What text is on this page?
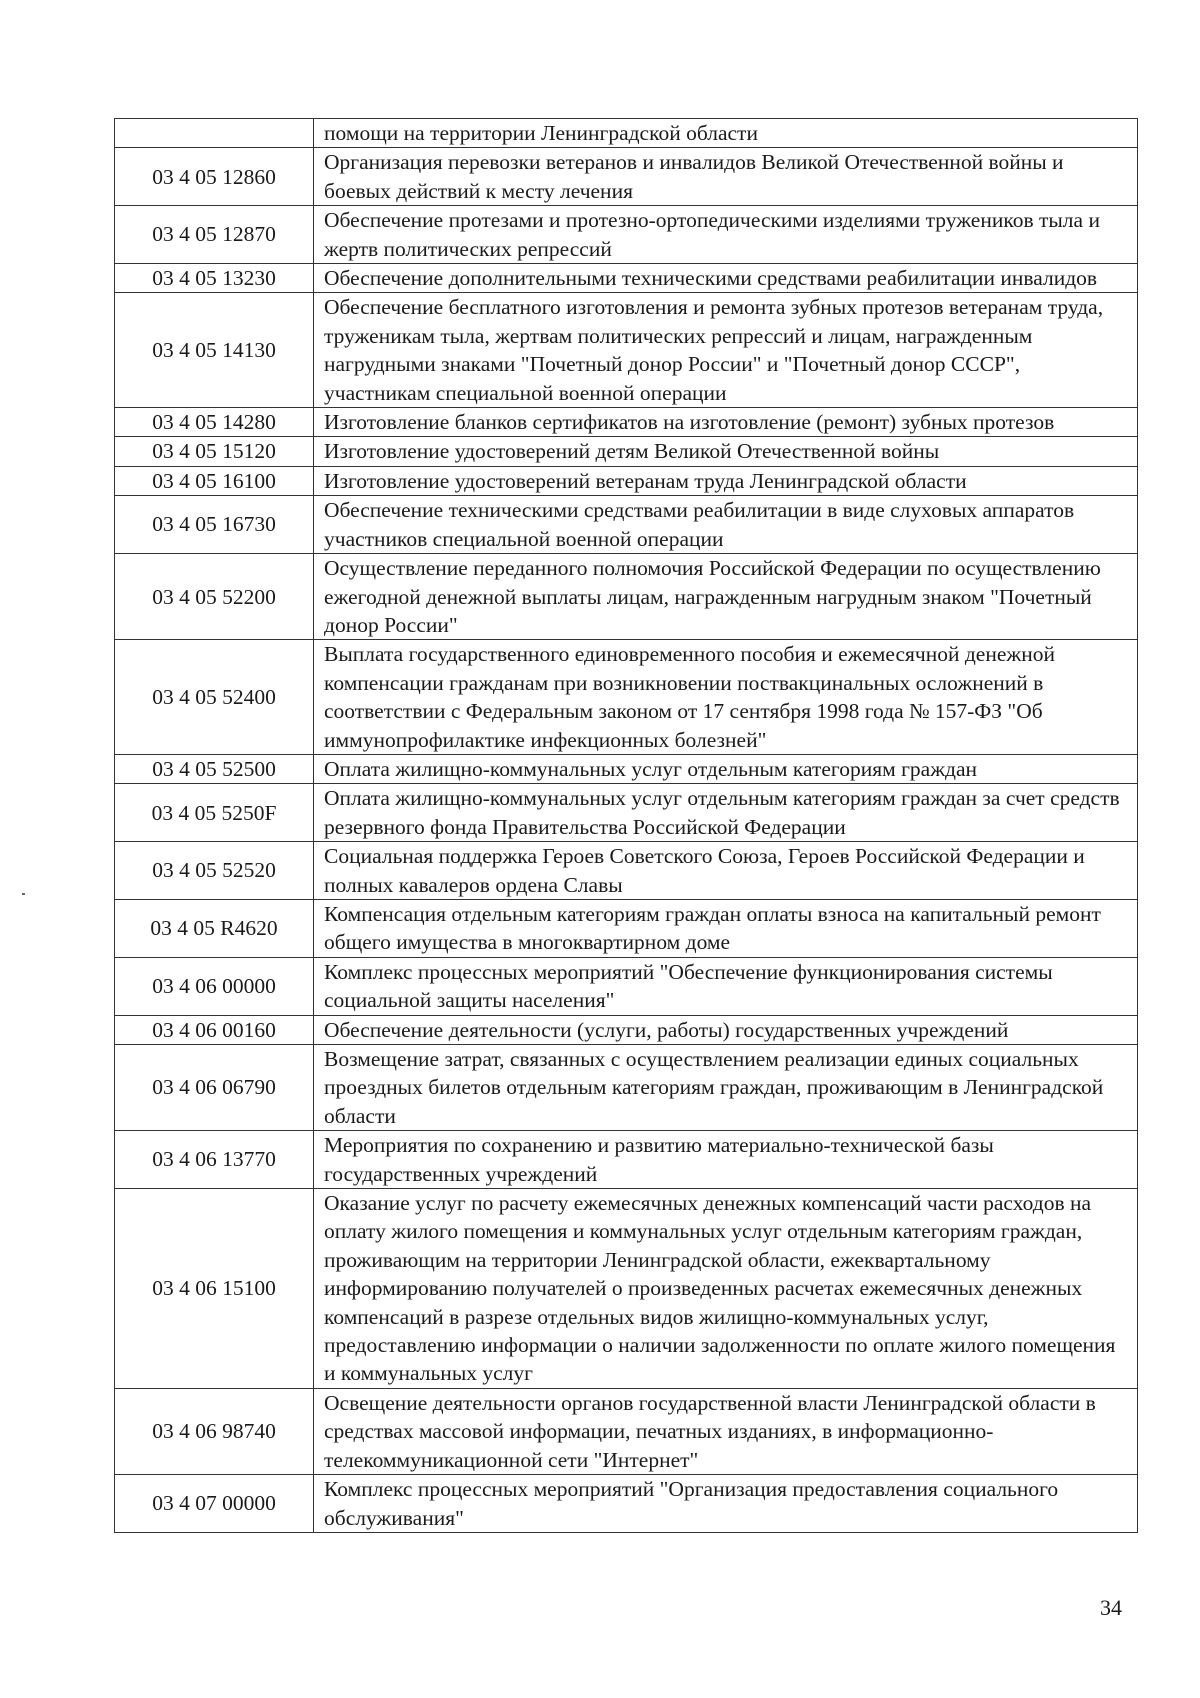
	помощи на территории Ленинградской области
03 4 05 12860	Организация перевозки ветеранов и инвалидов Великой Отечественной войны и боевых действий к месту лечения
03 4 05 12870	Обеспечение протезами и протезно-ортопедическими изделиями тружеников тыла и жертв политических репрессий
03 4 05 13230	Обеспечение дополнительными техническими средствами реабилитации инвалидов
03 4 05 14130	Обеспечение бесплатного изготовления и ремонта зубных протезов ветеранам труда, труженикам тыла, жертвам политических репрессий и лицам, награжденным нагрудными знаками "Почетный донор России" и "Почетный донор СССР", участникам специальной военной операции
03 4 05 14280	Изготовление бланков сертификатов на изготовление (ремонт) зубных протезов
03 4 05 15120	Изготовление удостоверений детям Великой Отечественной войны
03 4 05 16100	Изготовление удостоверений ветеранам труда Ленинградской области
03 4 05 16730	Обеспечение техническими средствами реабилитации в виде слуховых аппаратов участников специальной военной операции
03 4 05 52200	Осуществление переданного полномочия Российской Федерации по осуществлению ежегодной денежной выплаты лицам, награжденным нагрудным знаком "Почетный донор России"
03 4 05 52400	Выплата государственного единовременного пособия и ежемесячной денежной компенсации гражданам при возникновении поствакцинальных осложнений в соответствии с Федеральным законом от 17 сентября 1998 года № 157-ФЗ "Об иммунопрофилактике инфекционных болезней"
03 4 05 52500	Оплата жилищно-коммунальных услуг отдельным категориям граждан
03 4 05 5250F	Оплата жилищно-коммунальных услуг отдельным категориям граждан за счет средств резервного фонда Правительства Российской Федерации
03 4 05 52520	Социальная поддержка Героев Советского Союза, Героев Российской Федерации и полных кавалеров ордена Славы
03 4 05 R4620	Компенсация отдельным категориям граждан оплаты взноса на капитальный ремонт общего имущества в многоквартирном доме
03 4 06 00000	Комплекс процессных мероприятий "Обеспечение функционирования системы социальной защиты населения"
03 4 06 00160	Обеспечение деятельности (услуги, работы) государственных учреждений
03 4 06 06790	Возмещение затрат, связанных с осуществлением реализации единых социальных проездных билетов отдельным категориям граждан, проживающим в Ленинградской области
03 4 06 13770	Мероприятия по сохранению и развитию материально-технической базы государственных учреждений
03 4 06 15100	Оказание услуг по расчету ежемесячных денежных компенсаций части расходов на оплату жилого помещения и коммунальных услуг отдельным категориям граждан, проживающим на территории Ленинградской области, ежеквартальному информированию получателей о произведенных расчетах ежемесячных денежных компенсаций в разрезе отдельных видов жилищно-коммунальных услуг, предоставлению информации о наличии задолженности по оплате жилого помещения и коммунальных услуг
03 4 06 98740	Освещение деятельности органов государственной власти Ленинградской области в средствах массовой информации, печатных изданиях, в информационно-телекоммуникационной сети "Интернет"
03 4 07 00000	Комплекс процессных мероприятий "Организация предоставления социального обслуживания"
34
